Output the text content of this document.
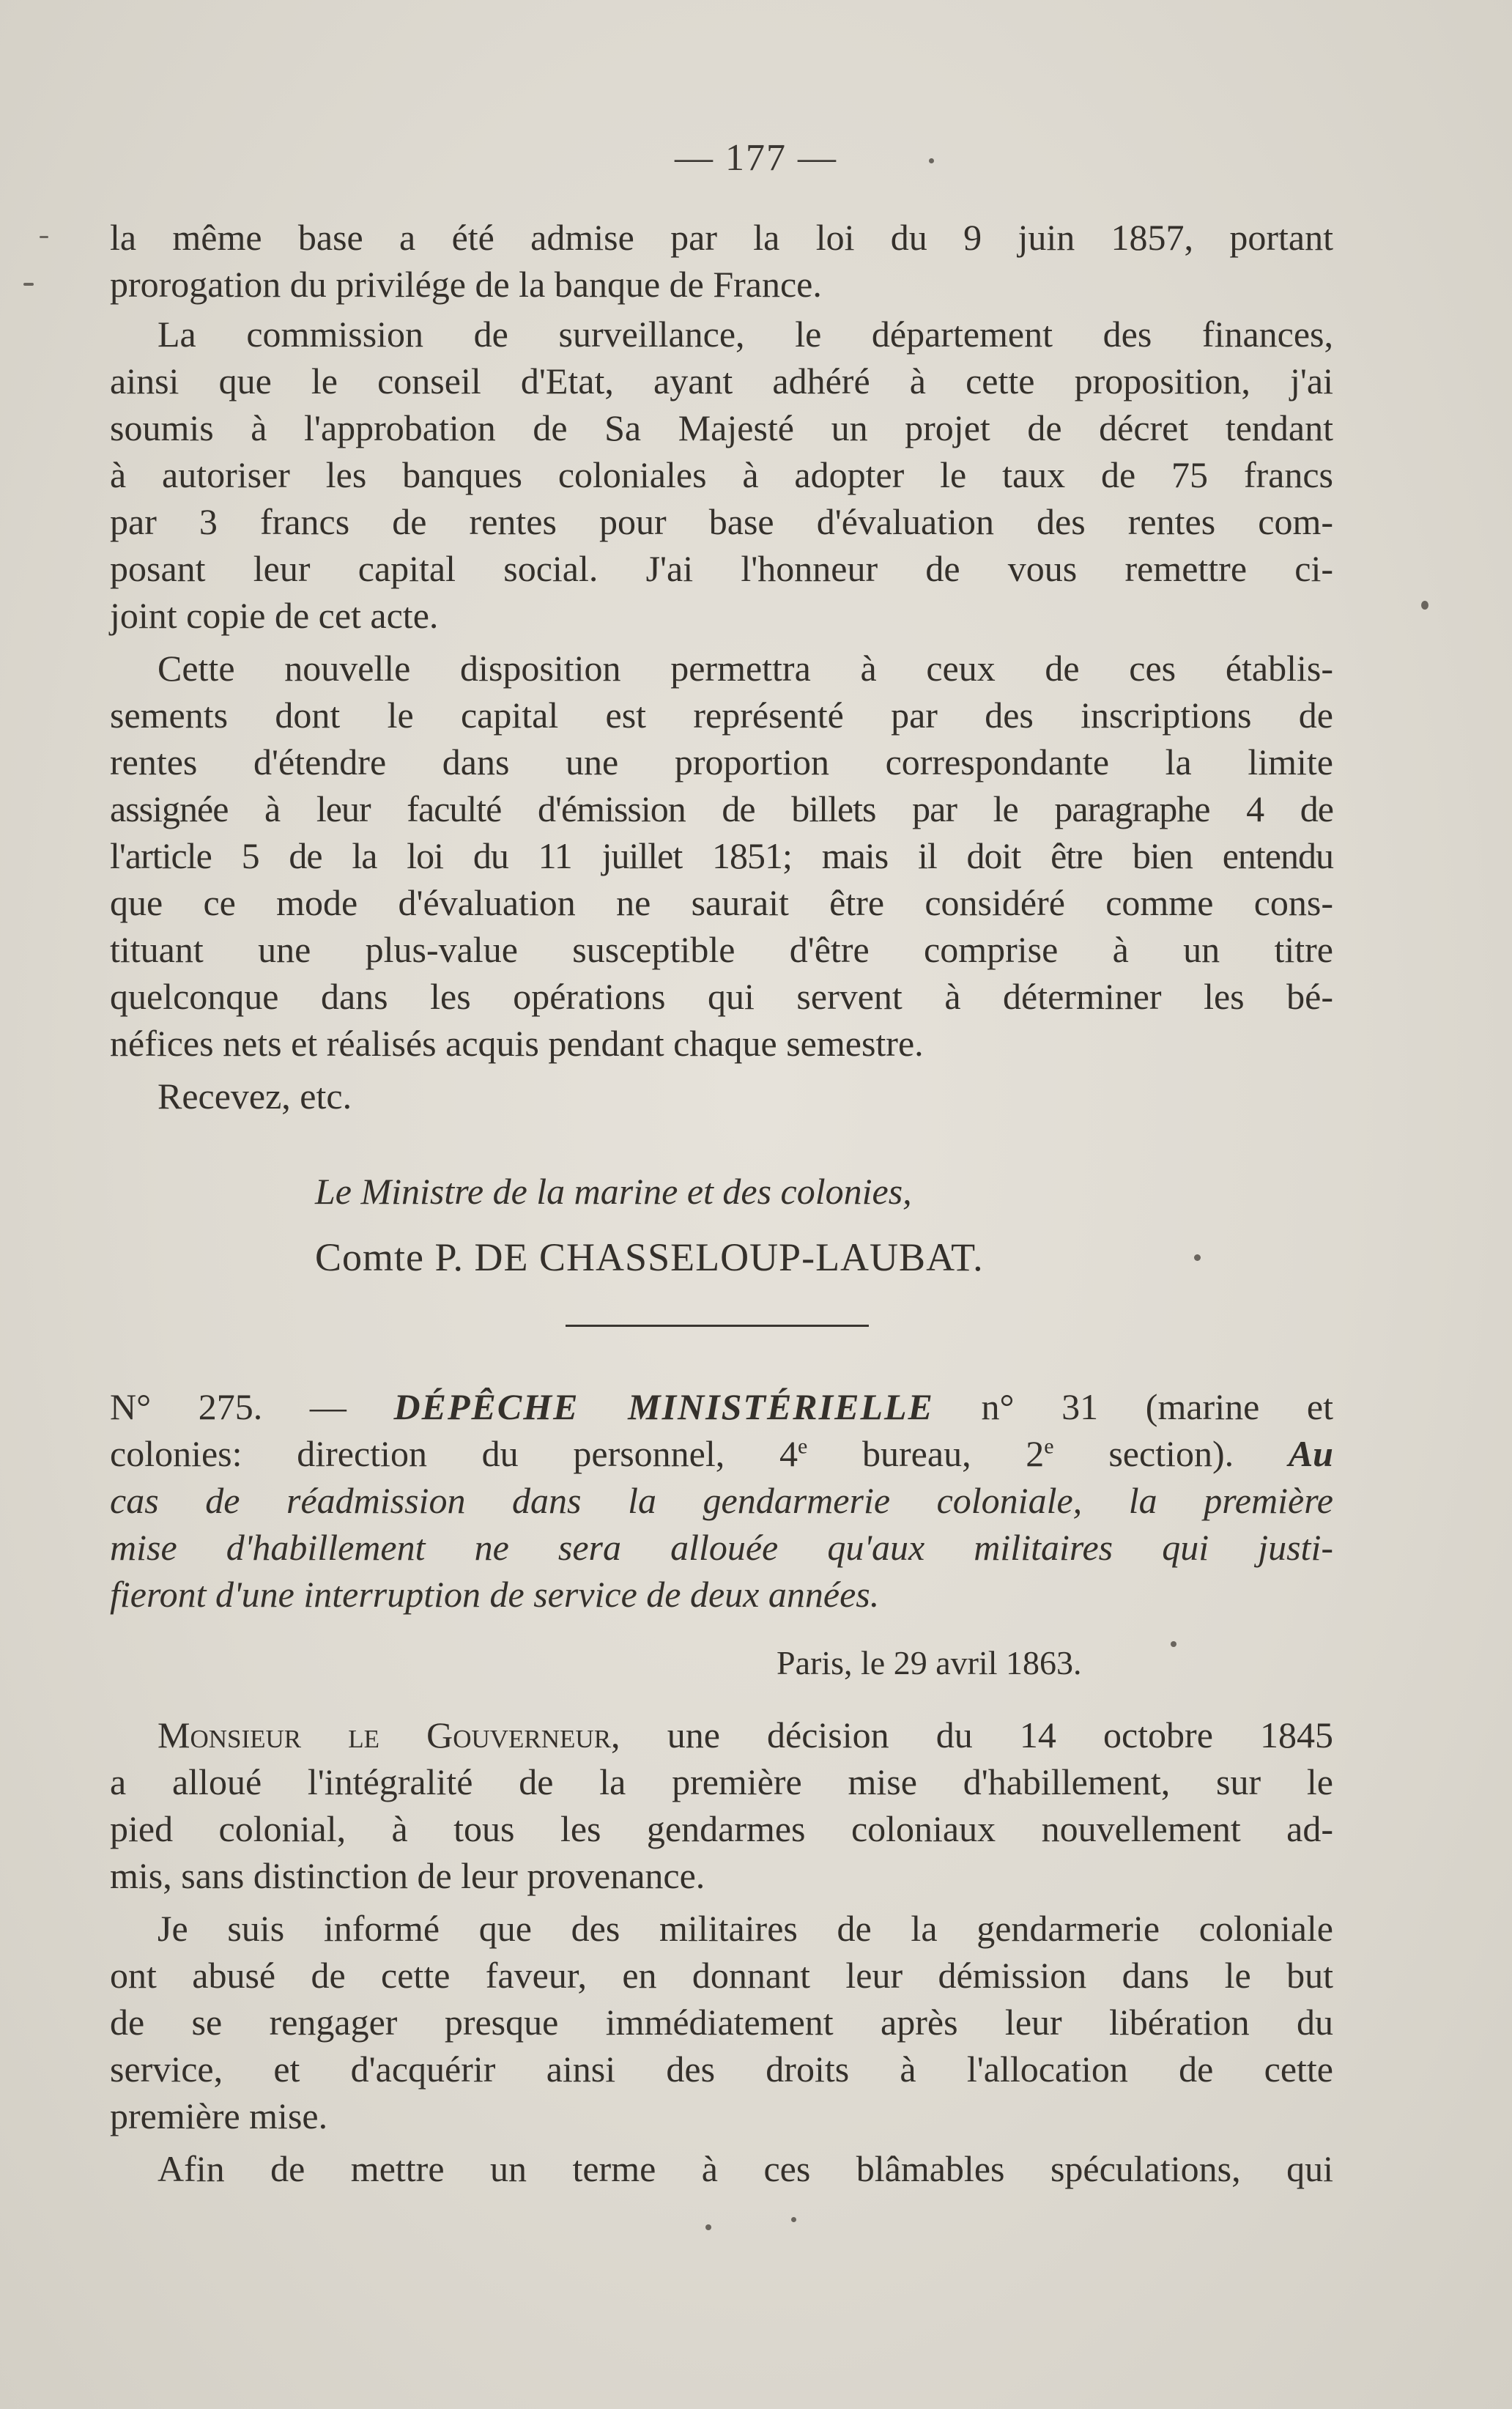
— 177 —
la même base a été admise par la loi du 9 juin 1857, portant
prorogation du privilége de la banque de France.
La commission de surveillance, le département des finances,
ainsi que le conseil d'Etat, ayant adhéré à cette proposition, j'ai
soumis à l'approbation de Sa Majesté un projet de décret tendant
à autoriser les banques coloniales à adopter le taux de 75 francs
par 3 francs de rentes pour base d'évaluation des rentes com-
posant leur capital social. J'ai l'honneur de vous remettre ci-
joint copie de cet acte.
Cette nouvelle disposition permettra à ceux de ces établis-
sements dont le capital est représenté par des inscriptions de
rentes d'étendre dans une proportion correspondante la limite
assignée à leur faculté d'émission de billets par le paragraphe 4 de
l'article 5 de la loi du 11 juillet 1851; mais il doit être bien entendu
que ce mode d'évaluation ne saurait être considéré comme cons-
tituant une plus-value susceptible d'être comprise à un titre
quelconque dans les opérations qui servent à déterminer les bé-
néfices nets et réalisés acquis pendant chaque semestre.
Recevez, etc.
Le Ministre de la marine et des colonies,
Comte P. DE CHASSELOUP-LAUBAT.
N° 275. — DÉPÊCHE MINISTÉRIELLE n° 31 (marine et
colonies: direction du personnel, 4e bureau, 2e section). Au
cas de réadmission dans la gendarmerie coloniale, la première
mise d'habillement ne sera allouée qu'aux militaires qui justi-
fieront d'une interruption de service de deux années.
Paris, le 29 avril 1863.
Monsieur le Gouverneur, une décision du 14 octobre 1845
a alloué l'intégralité de la première mise d'habillement, sur le
pied colonial, à tous les gendarmes coloniaux nouvellement ad-
mis, sans distinction de leur provenance.
Je suis informé que des militaires de la gendarmerie coloniale
ont abusé de cette faveur, en donnant leur démission dans le but
de se rengager presque immédiatement après leur libération du
service, et d'acquérir ainsi des droits à l'allocation de cette
première mise.
Afin de mettre un terme à ces blâmables spéculations, qui
